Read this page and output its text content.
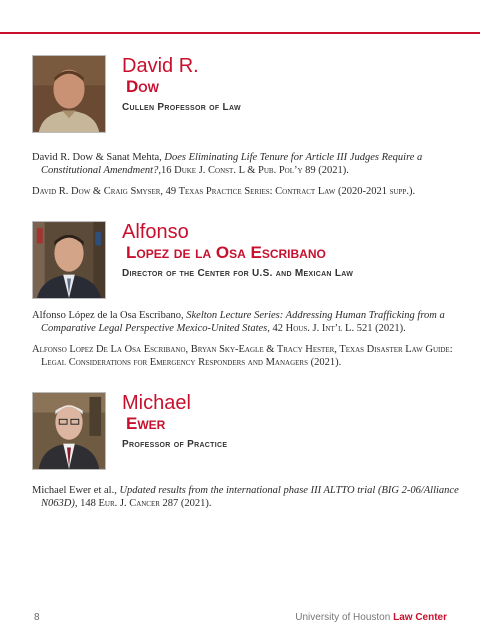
David R.
Dow
Cullen Professor of Law

David R. Dow & Sanat Mehta, Does Eliminating Life Tenure for Article III Judges Require a Constitutional Amendment?,16 Duke J. Const. L & Pub. Pol’y 89 (2021).

David R. Dow & Craig Smyser, 49 Texas Practice Series: Contract Law (2020-2021 supp.).

Alfonso
Lopez de la Osa Escribano
Director of the Center for U.S. and Mexican Law

Alfonso López de la Osa Escribano, Skelton Lecture Series: Addressing Human Trafficking from a Comparative Legal Perspective Mexico-United States, 42 Hous. J. Int’l L. 521 (2021).

Alfonso Lopez De La Osa Escribano, Bryan Sky-Eagle & Tracy Hester, Texas Disaster Law Guide: Legal Considerations for Emergency Responders and Managers (2021).

Michael
Ewer
Professor of Practice

Michael Ewer et al., Updated results from the international phase III ALTTO trial (BIG 2-06/Alliance N063D), 148 Eur. J. Cancer 287 (2021).

8	University of Houston Law Center
